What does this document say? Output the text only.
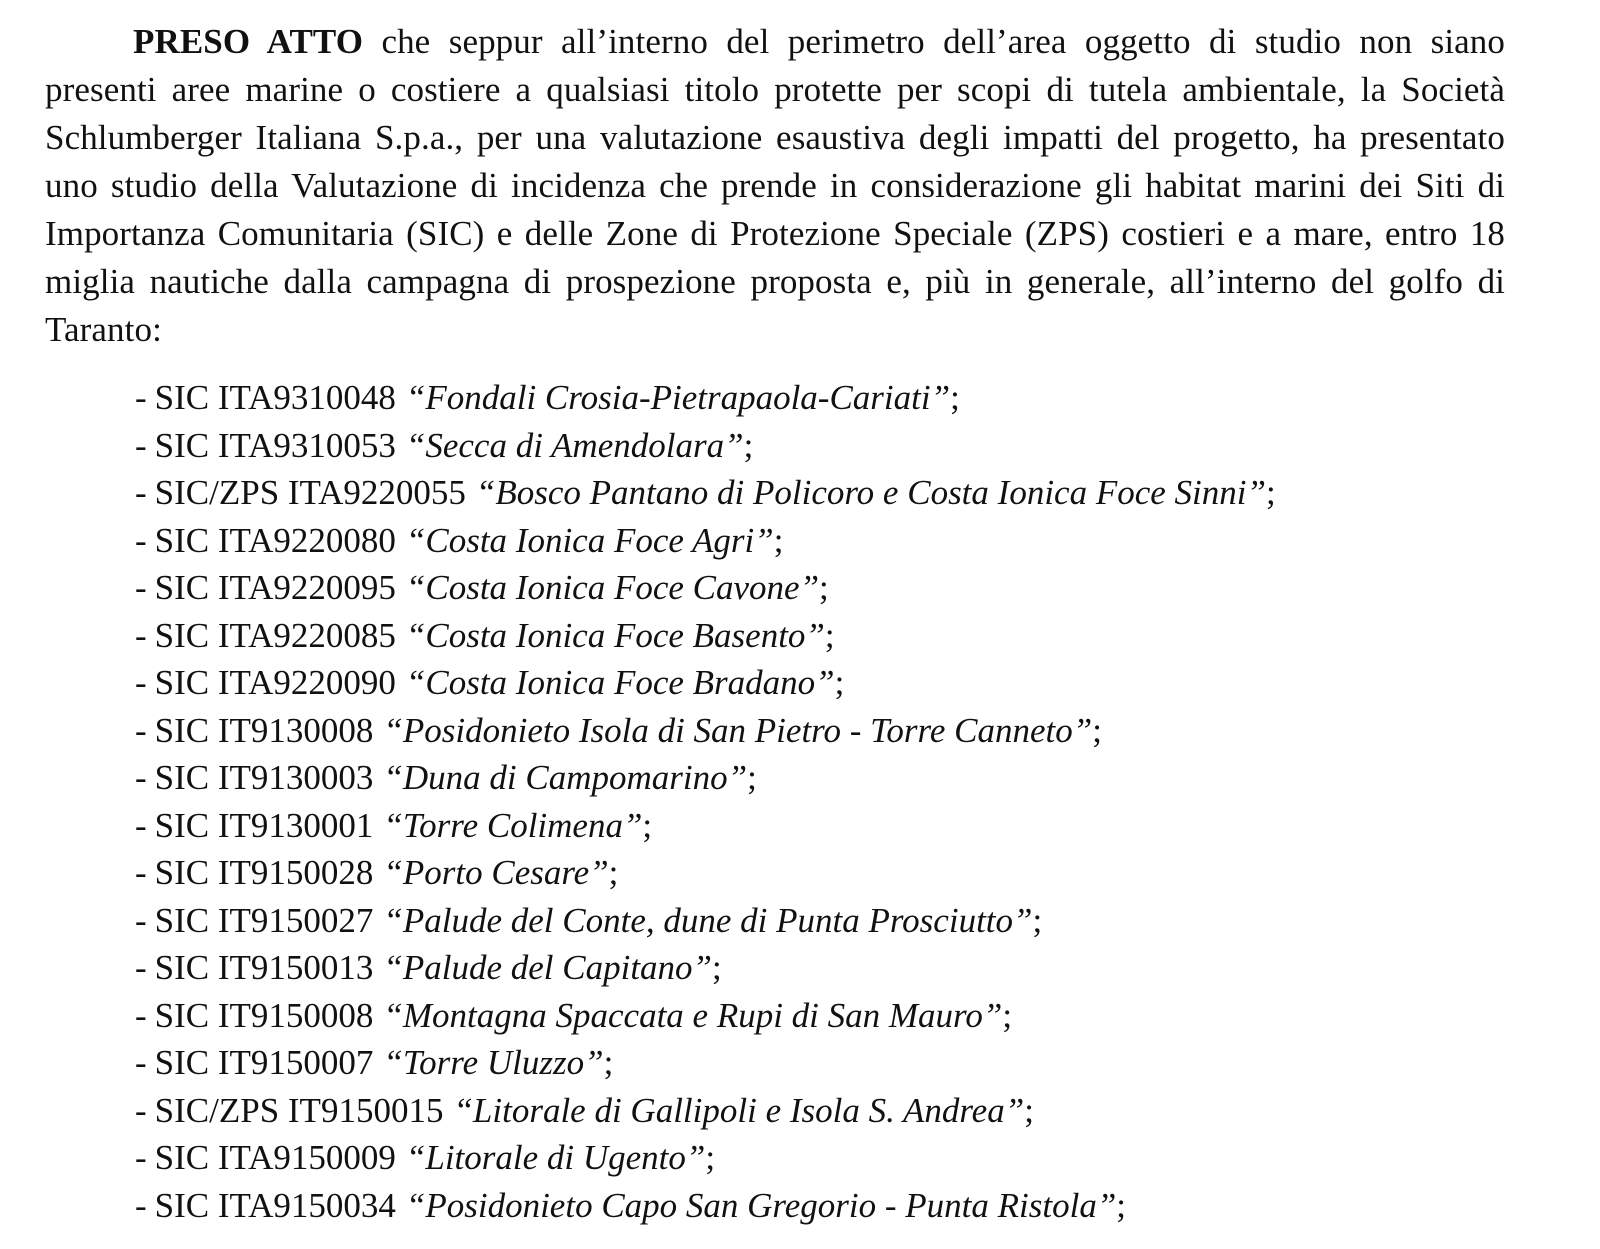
PRESO ATTO che seppur all’interno del perimetro dell’area oggetto di studio non siano presenti aree marine o costiere a qualsiasi titolo protette per scopi di tutela ambientale, la Società Schlumberger Italiana S.p.a., per una valutazione esaustiva degli impatti del progetto, ha presentato uno studio della Valutazione di incidenza che prende in considerazione gli habitat marini dei Siti di Importanza Comunitaria (SIC) e delle Zone di Protezione Speciale (ZPS) costieri e a mare, entro 18 miglia nautiche dalla campagna di prospezione proposta e, più in generale, all’interno del golfo di Taranto:

- SIC ITA9310048 “Fondali Crosia-Pietrapaola-Cariati”;
- SIC ITA9310053 “Secca di Amendolara”;
- SIC/ZPS ITA9220055 “Bosco Pantano di Policoro e Costa Ionica Foce Sinni”;
- SIC ITA9220080 “Costa Ionica Foce Agri”;
- SIC ITA9220095 “Costa Ionica Foce Cavone”;
- SIC ITA9220085 “Costa Ionica Foce Basento”;
- SIC ITA9220090 “Costa Ionica Foce Bradano”;
- SIC IT9130008 “Posidonieto Isola di San Pietro - Torre Canneto”;
- SIC IT9130003 “Duna di Campomarino”;
- SIC IT9130001 “Torre Colimena”;
- SIC IT9150028 “Porto Cesare”;
- SIC IT9150027 “Palude del Conte, dune di Punta Prosciutto”;
- SIC IT9150013 “Palude del Capitano”;
- SIC IT9150008 “Montagna Spaccata e Rupi di San Mauro”;
- SIC IT9150007 “Torre Uluzzo”;
- SIC/ZPS IT9150015 “Litorale di Gallipoli e Isola S. Andrea”;
- SIC ITA9150009 “Litorale di Ugento”;
- SIC ITA9150034 “Posidonieto Capo San Gregorio - Punta Ristola”;
